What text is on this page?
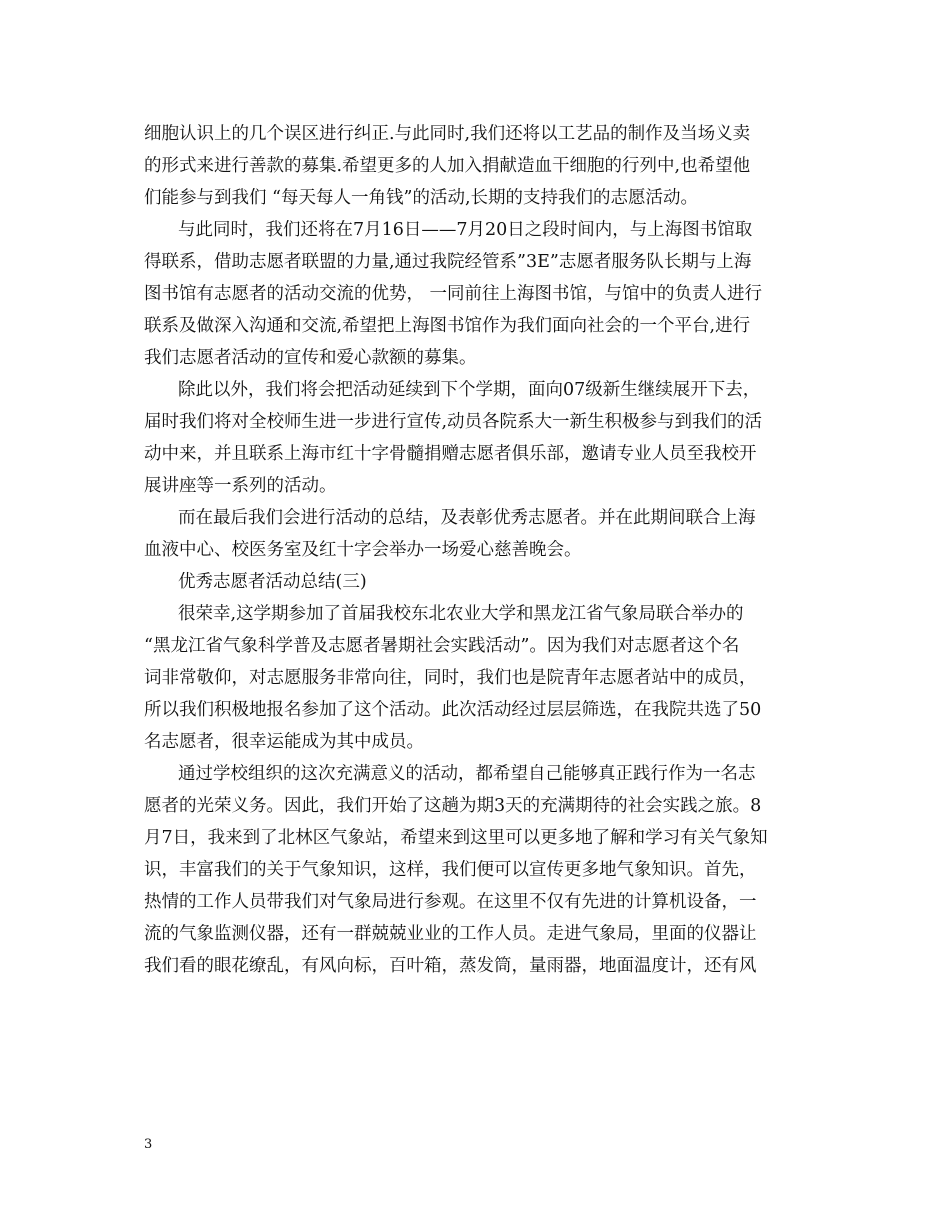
细胞认识上的几个误区进行纠正.与此同时,我们还将以工艺品的制作及当场义卖
的形式来进行善款的募集.希望更多的人加入捐献造血干细胞的行列中,也希望他
们能参与到我们 “每天每人一角钱”的活动,长期的支持我们的志愿活动。
与此同时，我们还将在7月16日——7月20日之段时间内，与上海图书馆取
得联系，借助志愿者联盟的力量,通过我院经管系”3E”志愿者服务队长期与上海
图书馆有志愿者的活动交流的优势， 一同前往上海图书馆，与馆中的负责人进行
联系及做深入沟通和交流,希望把上海图书馆作为我们面向社会的一个平台,进行
我们志愿者活动的宣传和爱心款额的募集。
除此以外，我们将会把活动延续到下个学期，面向07级新生继续展开下去，
届时我们将对全校师生进一步进行宣传,动员各院系大一新生积极参与到我们的活
动中来，并且联系上海市红十字骨髓捐赠志愿者俱乐部，邀请专业人员至我校开
展讲座等一系列的活动。
而在最后我们会进行活动的总结，及表彰优秀志愿者。并在此期间联合上海
血液中心、校医务室及红十字会举办一场爱心慈善晚会。
优秀志愿者活动总结(三)
很荣幸,这学期参加了首届我校东北农业大学和黑龙江省气象局联合举办的
“黑龙江省气象科学普及志愿者暑期社会实践活动”。因为我们对志愿者这个名
词非常敬仰，对志愿服务非常向往，同时，我们也是院青年志愿者站中的成员，
所以我们积极地报名参加了这个活动。此次活动经过层层筛选，在我院共选了50
名志愿者，很幸运能成为其中成员。
通过学校组织的这次充满意义的活动，都希望自己能够真正践行作为一名志
愿者的光荣义务。因此，我们开始了这趟为期3天的充满期待的社会实践之旅。8
月7日，我来到了北林区气象站，希望来到这里可以更多地了解和学习有关气象知
识，丰富我们的关于气象知识，这样，我们便可以宣传更多地气象知识。首先，
热情的工作人员带我们对气象局进行参观。在这里不仅有先进的计算机设备，一
流的气象监测仪器，还有一群兢兢业业的工作人员。走进气象局，里面的仪器让
我们看的眼花缭乱，有风向标，百叶箱，蒸发筒，量雨器，地面温度计，还有风
3
